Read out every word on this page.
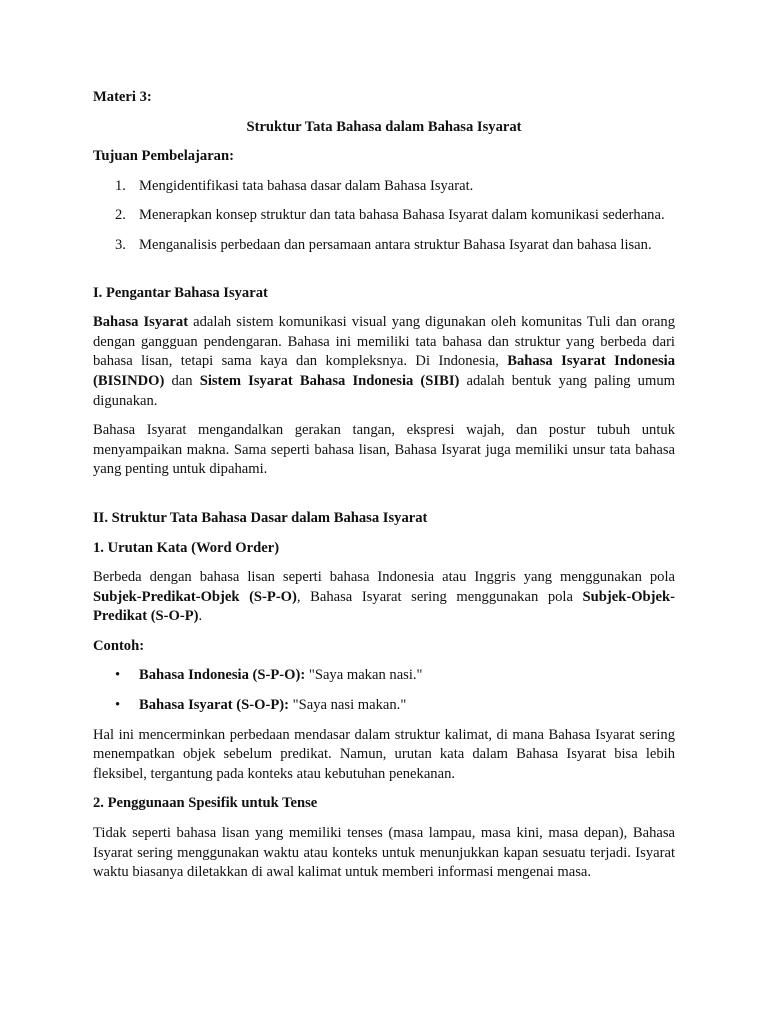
Materi 3:

Struktur Tata Bahasa dalam Bahasa Isyarat

Tujuan Pembelajaran:

1. Mengidentifikasi tata bahasa dasar dalam Bahasa Isyarat.
2. Menerapkan konsep struktur dan tata bahasa Bahasa Isyarat dalam komunikasi sederhana.
3. Menganalisis perbedaan dan persamaan antara struktur Bahasa Isyarat dan bahasa lisan.

I. Pengantar Bahasa Isyarat

Bahasa Isyarat adalah sistem komunikasi visual yang digunakan oleh komunitas Tuli dan orang dengan gangguan pendengaran. Bahasa ini memiliki tata bahasa dan struktur yang berbeda dari bahasa lisan, tetapi sama kaya dan kompleksnya. Di Indonesia, Bahasa Isyarat Indonesia (BISINDO) dan Sistem Isyarat Bahasa Indonesia (SIBI) adalah bentuk yang paling umum digunakan.

Bahasa Isyarat mengandalkan gerakan tangan, ekspresi wajah, dan postur tubuh untuk menyampaikan makna. Sama seperti bahasa lisan, Bahasa Isyarat juga memiliki unsur tata bahasa yang penting untuk dipahami.

II. Struktur Tata Bahasa Dasar dalam Bahasa Isyarat

1. Urutan Kata (Word Order)

Berbeda dengan bahasa lisan seperti bahasa Indonesia atau Inggris yang menggunakan pola Subjek-Predikat-Objek (S-P-O), Bahasa Isyarat sering menggunakan pola Subjek-Objek-Predikat (S-O-P).

Contoh:

• Bahasa Indonesia (S-P-O): "Saya makan nasi."
• Bahasa Isyarat (S-O-P): "Saya nasi makan."

Hal ini mencerminkan perbedaan mendasar dalam struktur kalimat, di mana Bahasa Isyarat sering menempatkan objek sebelum predikat. Namun, urutan kata dalam Bahasa Isyarat bisa lebih fleksibel, tergantung pada konteks atau kebutuhan penekanan.

2. Penggunaan Spesifik untuk Tense

Tidak seperti bahasa lisan yang memiliki tenses (masa lampau, masa kini, masa depan), Bahasa Isyarat sering menggunakan waktu atau konteks untuk menunjukkan kapan sesuatu terjadi. Isyarat waktu biasanya diletakkan di awal kalimat untuk memberi informasi mengenai masa.
